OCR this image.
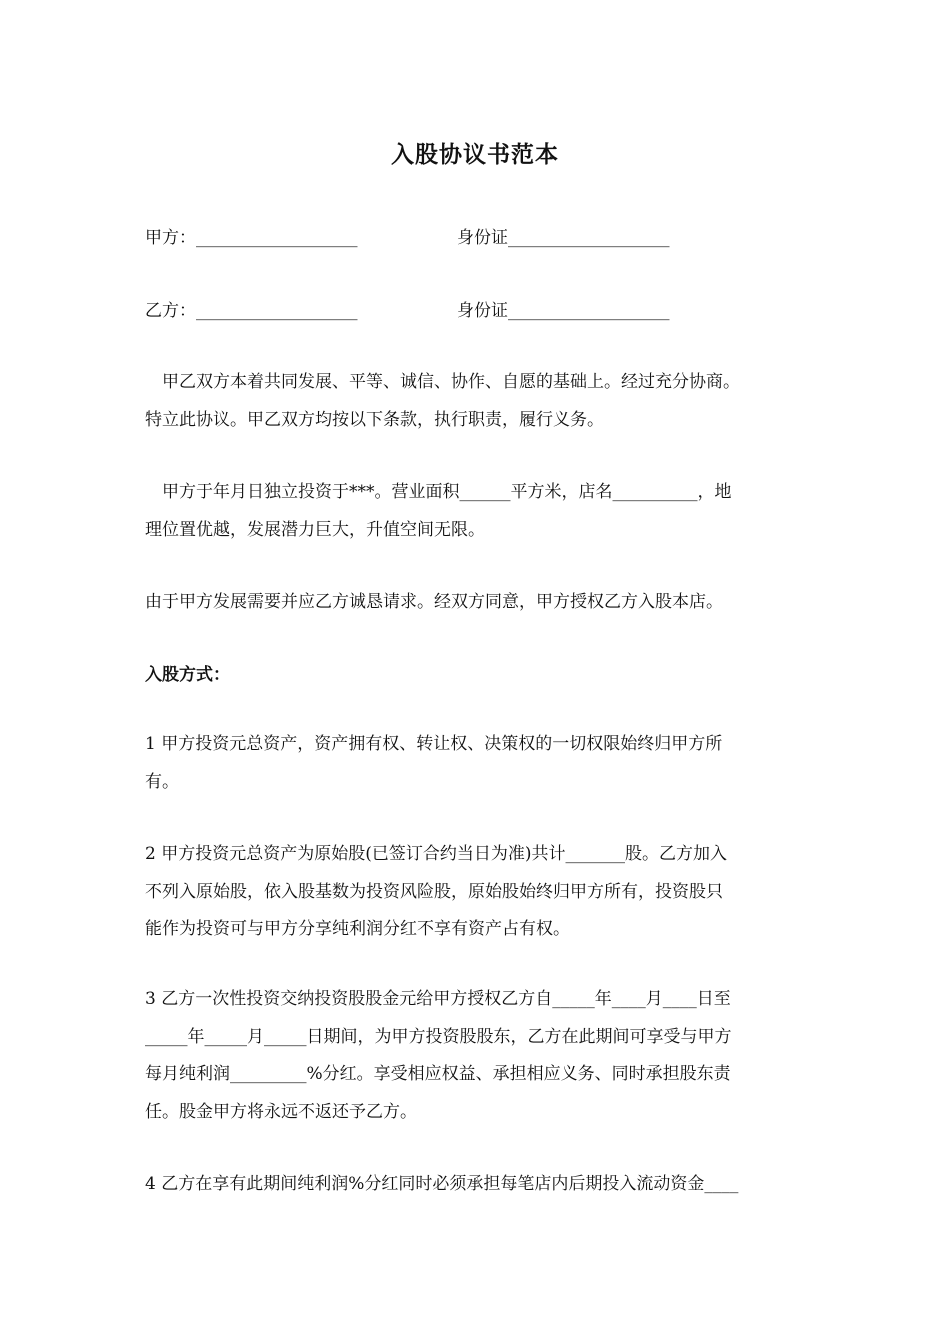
入股协议书范本
甲方：___________________	身份证___________________
乙方：___________________	身份证___________________
　甲乙双方本着共同发展、平等、诚信、协作、自愿的基础上。经过充分协商。
特立此协议。甲乙双方均按以下条款，执行职责，履行义务。
　甲方于年月日独立投资于***。营业面积______平方米，店名__________，地
理位置优越，发展潜力巨大，升值空间无限。
由于甲方发展需要并应乙方诚恳请求。经双方同意，甲方授权乙方入股本店。
入股方式：
1 甲方投资元总资产，资产拥有权、转让权、决策权的一切权限始终归甲方所
有。
2 甲方投资元总资产为原始股(已签订合约当日为准)共计_______股。乙方加入
不列入原始股，依入股基数为投资风险股，原始股始终归甲方所有，投资股只
能作为投资可与甲方分享纯利润分红不享有资产占有权。
3 乙方一次性投资交纳投资股股金元给甲方授权乙方自_____年____月____日至
_____年_____月_____日期间，为甲方投资股股东，乙方在此期间可享受与甲方
每月纯利润_________%分红。享受相应权益、承担相应义务、同时承担股东责
任。股金甲方将永远不返还予乙方。
4 乙方在享有此期间纯利润%分红同时必须承担每笔店内后期投入流动资金____
